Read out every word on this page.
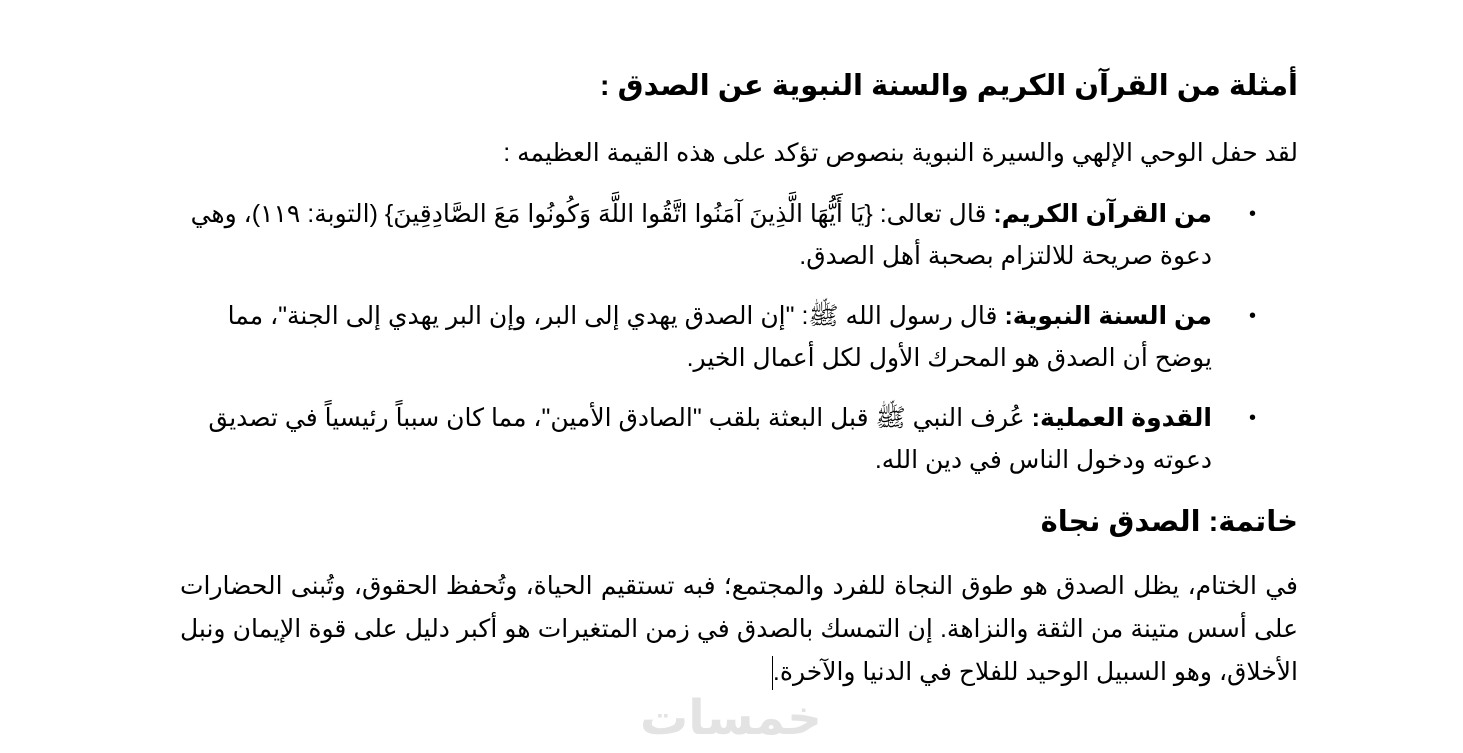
أمثلة من القرآن الكريم والسنة النبوية عن الصدق :

لقد حفل الوحي الإلهي والسيرة النبوية بنصوص تؤكد على هذه القيمة العظيمه :

•
من القرآن الكريم: قال تعالى: {يَا أَيُّهَا الَّذِينَ آمَنُوا اتَّقُوا اللَّهَ وَكُونُوا مَعَ الصَّادِقِينَ} (التوبة: ١١٩)، وهي دعوة صريحة للالتزام بصحبة أهل الصدق.
•
من السنة النبوية: قال رسول الله ﷺ: "إن الصدق يهدي إلى البر، وإن البر يهدي إلى الجنة"، مما يوضح أن الصدق هو المحرك الأول لكل أعمال الخير.
•
القدوة العملية: عُرف النبي ﷺ قبل البعثة بلقب "الصادق الأمين"، مما كان سبباً رئيسياً في تصديق دعوته ودخول الناس في دين الله.
خاتمة: الصدق نجاة

في الختام، يظل الصدق هو طوق النجاة للفرد والمجتمع؛ فبه تستقيم الحياة، وتُحفظ الحقوق، وتُبنى الحضارات على أسس متينة من الثقة والنزاهة. إن التمسك بالصدق في زمن المتغيرات هو أكبر دليل على قوة الإيمان ونبل الأخلاق، وهو السبيل الوحيد للفلاح في الدنيا والآخرة.

خمسات
